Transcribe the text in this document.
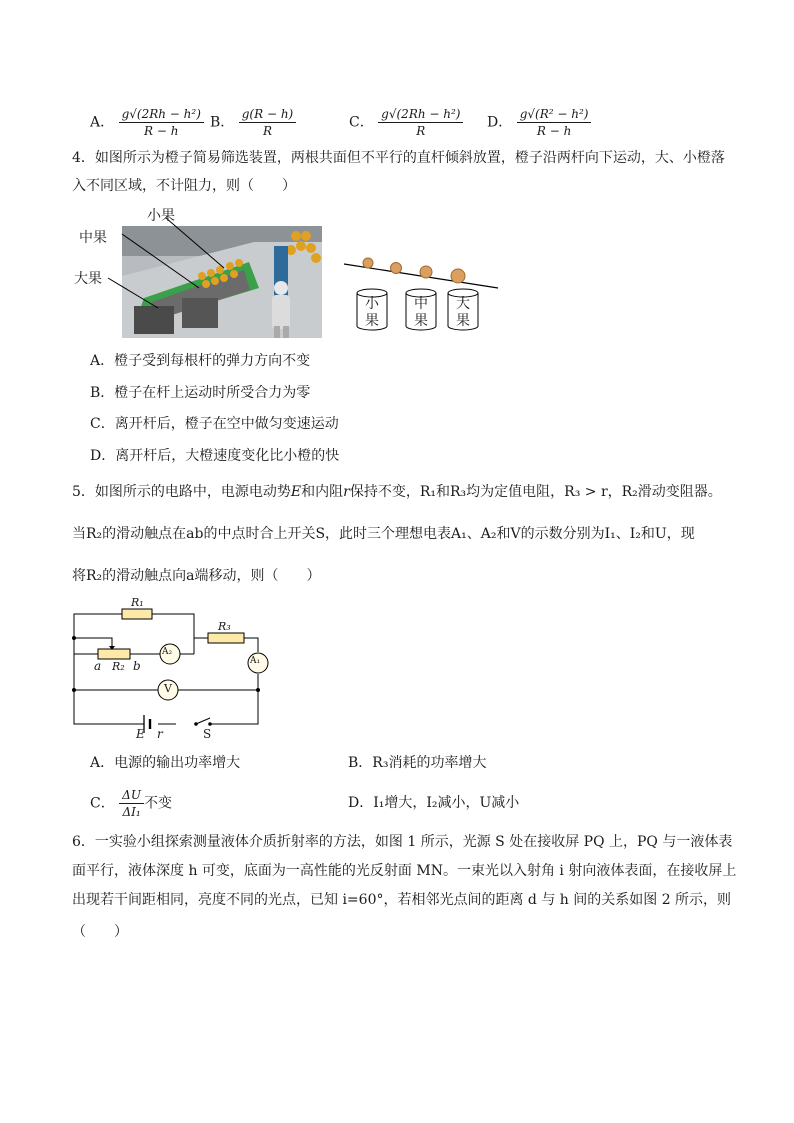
A． $\frac{\text{g√(2Rh − h²)}}{R - h}$ B． $\frac{g(R - h)}{R}$	C． $\frac{\text{g√(2Rh − h²)}}{R}$ D． $\frac{\text{g√(R² − h²)}}{R - h}$
4．如图所示为橙子简易筛选装置，两根共面但不平行的直杆倾斜放置，橙子沿两杆向下运动，大、小橙落
入不同区域，不计阻力，则（　　）
小果
中果
大果
小
果
中
果
大
果
A．橙子受到每根杆的弹力方向不变
B．橙子在杆上运动时所受合力为零
C．离开杆后，橙子在空中做匀变速运动
D．离开杆后，大橙速度变化比小橙的快
5．如图所示的电路中，电源电动势E和内阻r保持不变，R₁和R₃均为定值电阻，R₃ > r，R₂滑动变阻器。
当R₂的滑动触点在ab的中点时合上开关S，此时三个理想电表A₁、A₂和V的示数分别为I₁、I₂和U，现
将R₂的滑动触点向a端移动，则（　　）
R₁
R₃
A₂
A₁
V
a R₂ b
E r	S
A．电源的输出功率增大	B．R₃消耗的功率增大
C． $\frac{\Delta U}{\text{ΔI₁}}$ 不变	D．I₁增大，I₂减小，U减小
6．一实验小组探索测量液体介质折射率的方法，如图 1 所示，光源 S 处在接收屏 PQ 上，PQ 与一液体表
面平行，液体深度 h 可变，底面为一高性能的光反射面 MN。一束光以入射角 i 射向液体表面，在接收屏上
出现若干间距相同，亮度不同的光点，已知 i=60°，若相邻光点间的距离 d 与 h 间的关系如图 2 所示，则
（　　）
